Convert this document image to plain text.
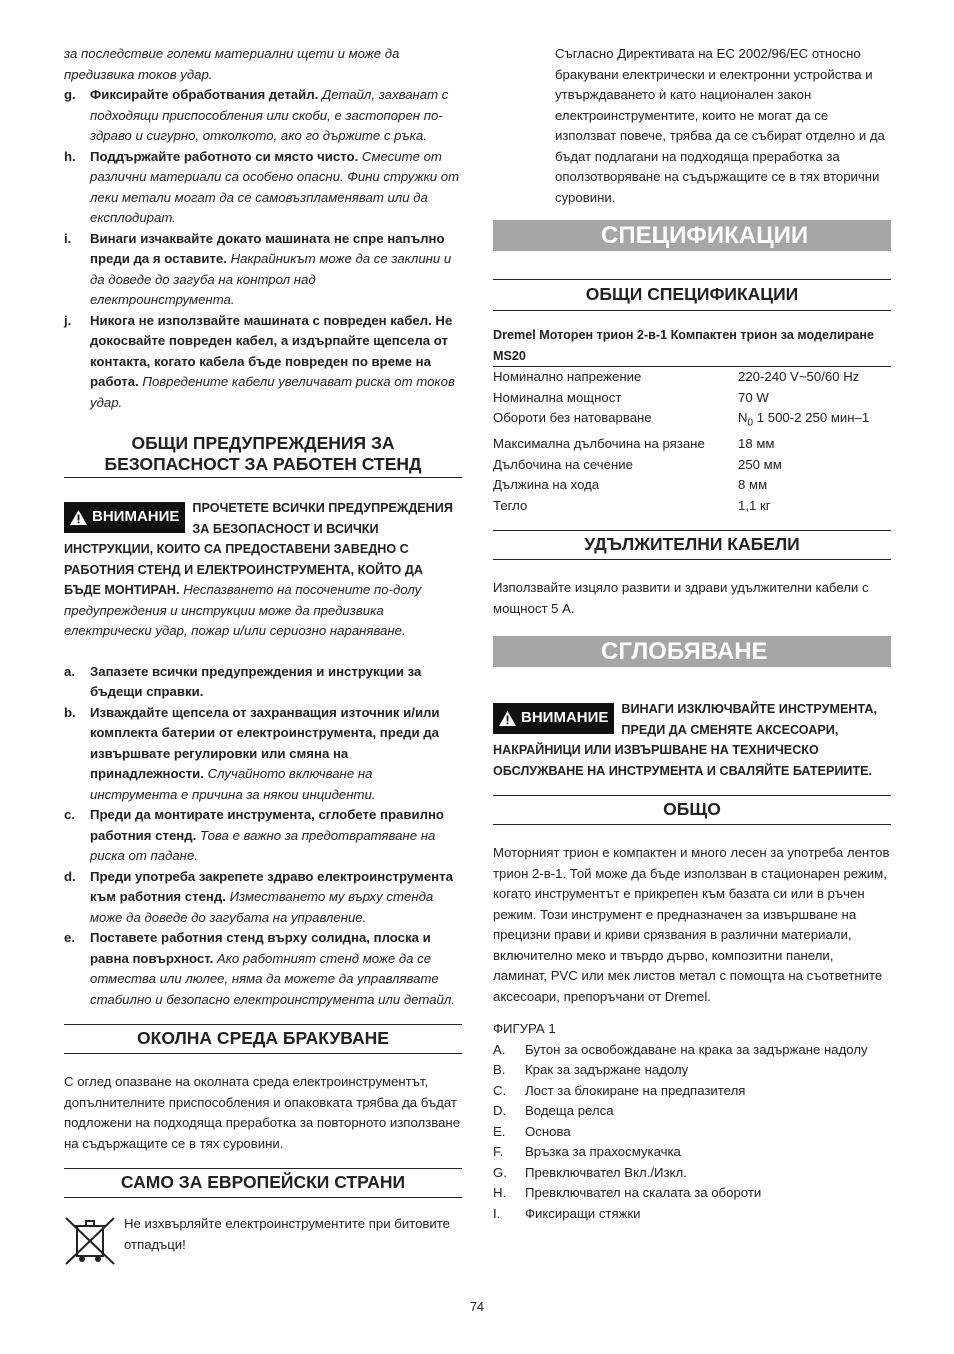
за последствие големи материални щети и може да предизвика токов удар.

g.	Фиксирайте обработвания детайл. Детайл, захванат с подходящи приспособления или скоби, е застопорен по-здраво и сигурно, отколкото, ако го държите с ръка.
h.	Поддържайте работното си място чисто. Смесите от различни материали са особено опасни. Фини стружки от леки метали могат да се самовъзпламеняват или да експлодират.
i.	Винаги изчаквайте докато машината не спре напълно преди да я оставите. Накрайникът може да се заклини и да доведе до загуба на контрол над електроинструмента.
j.	Никога не използвайте машината с повреден кабел. Не докосвайте повреден кабел, а издърпайте щепсела от контакта, когато кабела бъде повреден по време на работа. Повредените кабели увеличават риска от токов удар.
ОБЩИ ПРЕДУПРЕЖДЕНИЯ ЗА БЕЗОПАСНОСТ ЗА РАБОТЕН СТЕНД
ВНИМАНИЕ
ПРОЧЕТЕТЕ ВСИЧКИ ПРЕДУПРЕЖДЕНИЯ ЗА БЕЗОПАСНОСТ И ВСИЧКИ ИНСТРУКЦИИ, КОИТО СА ПРЕДОСТАВЕНИ ЗАВЕДНО С РАБОТНИЯ СТЕНД И ЕЛЕКТРОИНСТРУМЕНТА, КОЙТО ДА БЪДЕ МОНТИРАН. Неспазването на посочените по-долу предупреждения и инструкции може да предизвика електрически удар, пожар и/или сериозно нараняване.
a.	Запазете всички предупреждения и инструкции за бъдещи справки.
b.	Изваждайте щепсела от захранващия източник и/или комплекта батерии от електроинструмента, преди да извършвате регулировки или смяна на принадлежности. Случайното включване на инструмента е причина за някои инциденти.
c.	Преди да монтирате инструмента, сглобете правилно работния стенд. Това е важно за предотвратяване на риска от падане.
d.	Преди употреба закрепете здраво електроинструмента към работния стенд. Изместването му върху стенда може да доведе до загубата на управление.
e.	Поставете работния стенд върху солидна, плоска и равна повърхност. Ако работният стенд може да се отмества или люлее, няма да можете да управлявате стабилно и безопасно електроинструмента или детайл.
ОКОЛНА СРЕДА БРАКУВАНЕ

С оглед опазване на околната среда електроинструментът, допълнителните приспособления и опаковката трябва да бъдат подложени на подходяща преработка за повторното използване на съдържащите се в тях суровини.

САМО ЗА ЕВРОПЕЙСКИ СТРАНИ
Не изхвърляйте електроинструментите при битовите отпадъци!

Съгласно Директивата на ЕС 2002/96/ЕС относно бракувани електрически и електронни устройства и утвърждаването ѝ като национален закон електроинструментите, които не могат да се използват повече, трябва да се събират отделно и да бъдат подлагани на подходяща преработка за оползотворяване на съдържащите се в тях вторични суровини.

СПЕЦИФИКАЦИИ
ОБЩИ СПЕЦИФИКАЦИИ
Dremel Моторен трион 2-в-1 Компактен трион за моделиране
MS20
Номинално напрежение	220-240 V~50/60 Hz
Номинална мощност	70 W
Обороти без натоварване	$N_0$ 1 500-2 250 мин–1
Максимална дълбочина на рязане	18 мм
Дълбочина на сечение	250 мм
Дължина на хода	8 мм
Тегло	1,1 кг
УДЪЛЖИТЕЛНИ КАБЕЛИ

Използвайте изцяло развити и здрави удължителни кабели с мощност 5 А.

СГЛОБЯВАНЕ
ВНИМАНИЕ
ВИНАГИ ИЗКЛЮЧВАЙТЕ ИНСТРУМЕНТА, ПРЕДИ ДА СМЕНЯТЕ АКСЕСОАРИ, НАКРАЙНИЦИ ИЛИ ИЗВЪРШВАНЕ НА ТЕХНИЧЕСКО ОБСЛУЖВАНЕ НА ИНСТРУМЕНТА И СВАЛЯЙТЕ БАТЕРИИТЕ.
ОБЩО

Моторният трион е компактен и много лесен за употреба лентов трион 2-в-1. Той може да бъде използван в стационарен режим, когато инструментът е прикрепен към базата си или в ръчен режим. Този инструмент е предназначен за извършване на прецизни прави и криви срязвания в различни материали, включително меко и твърдо дърво, композитни панели, ламинат, PVC или мек листов метал с помощта на съответните аксесоари, препоръчани от Dremel.

ФИГУРА 1

A.	Бутон за освобождаване на крака за задържане надолу
B.	Крак за задържане надолу
C.	Лост за блокиране на предпазителя
D.	Водеща релса
E.	Основа
F.	Връзка за прахосмукачка
G.	Превключвател Вкл./Изкл.
H.	Превключвател на скалата за обороти
I.	Фиксиращи стяжки
74
